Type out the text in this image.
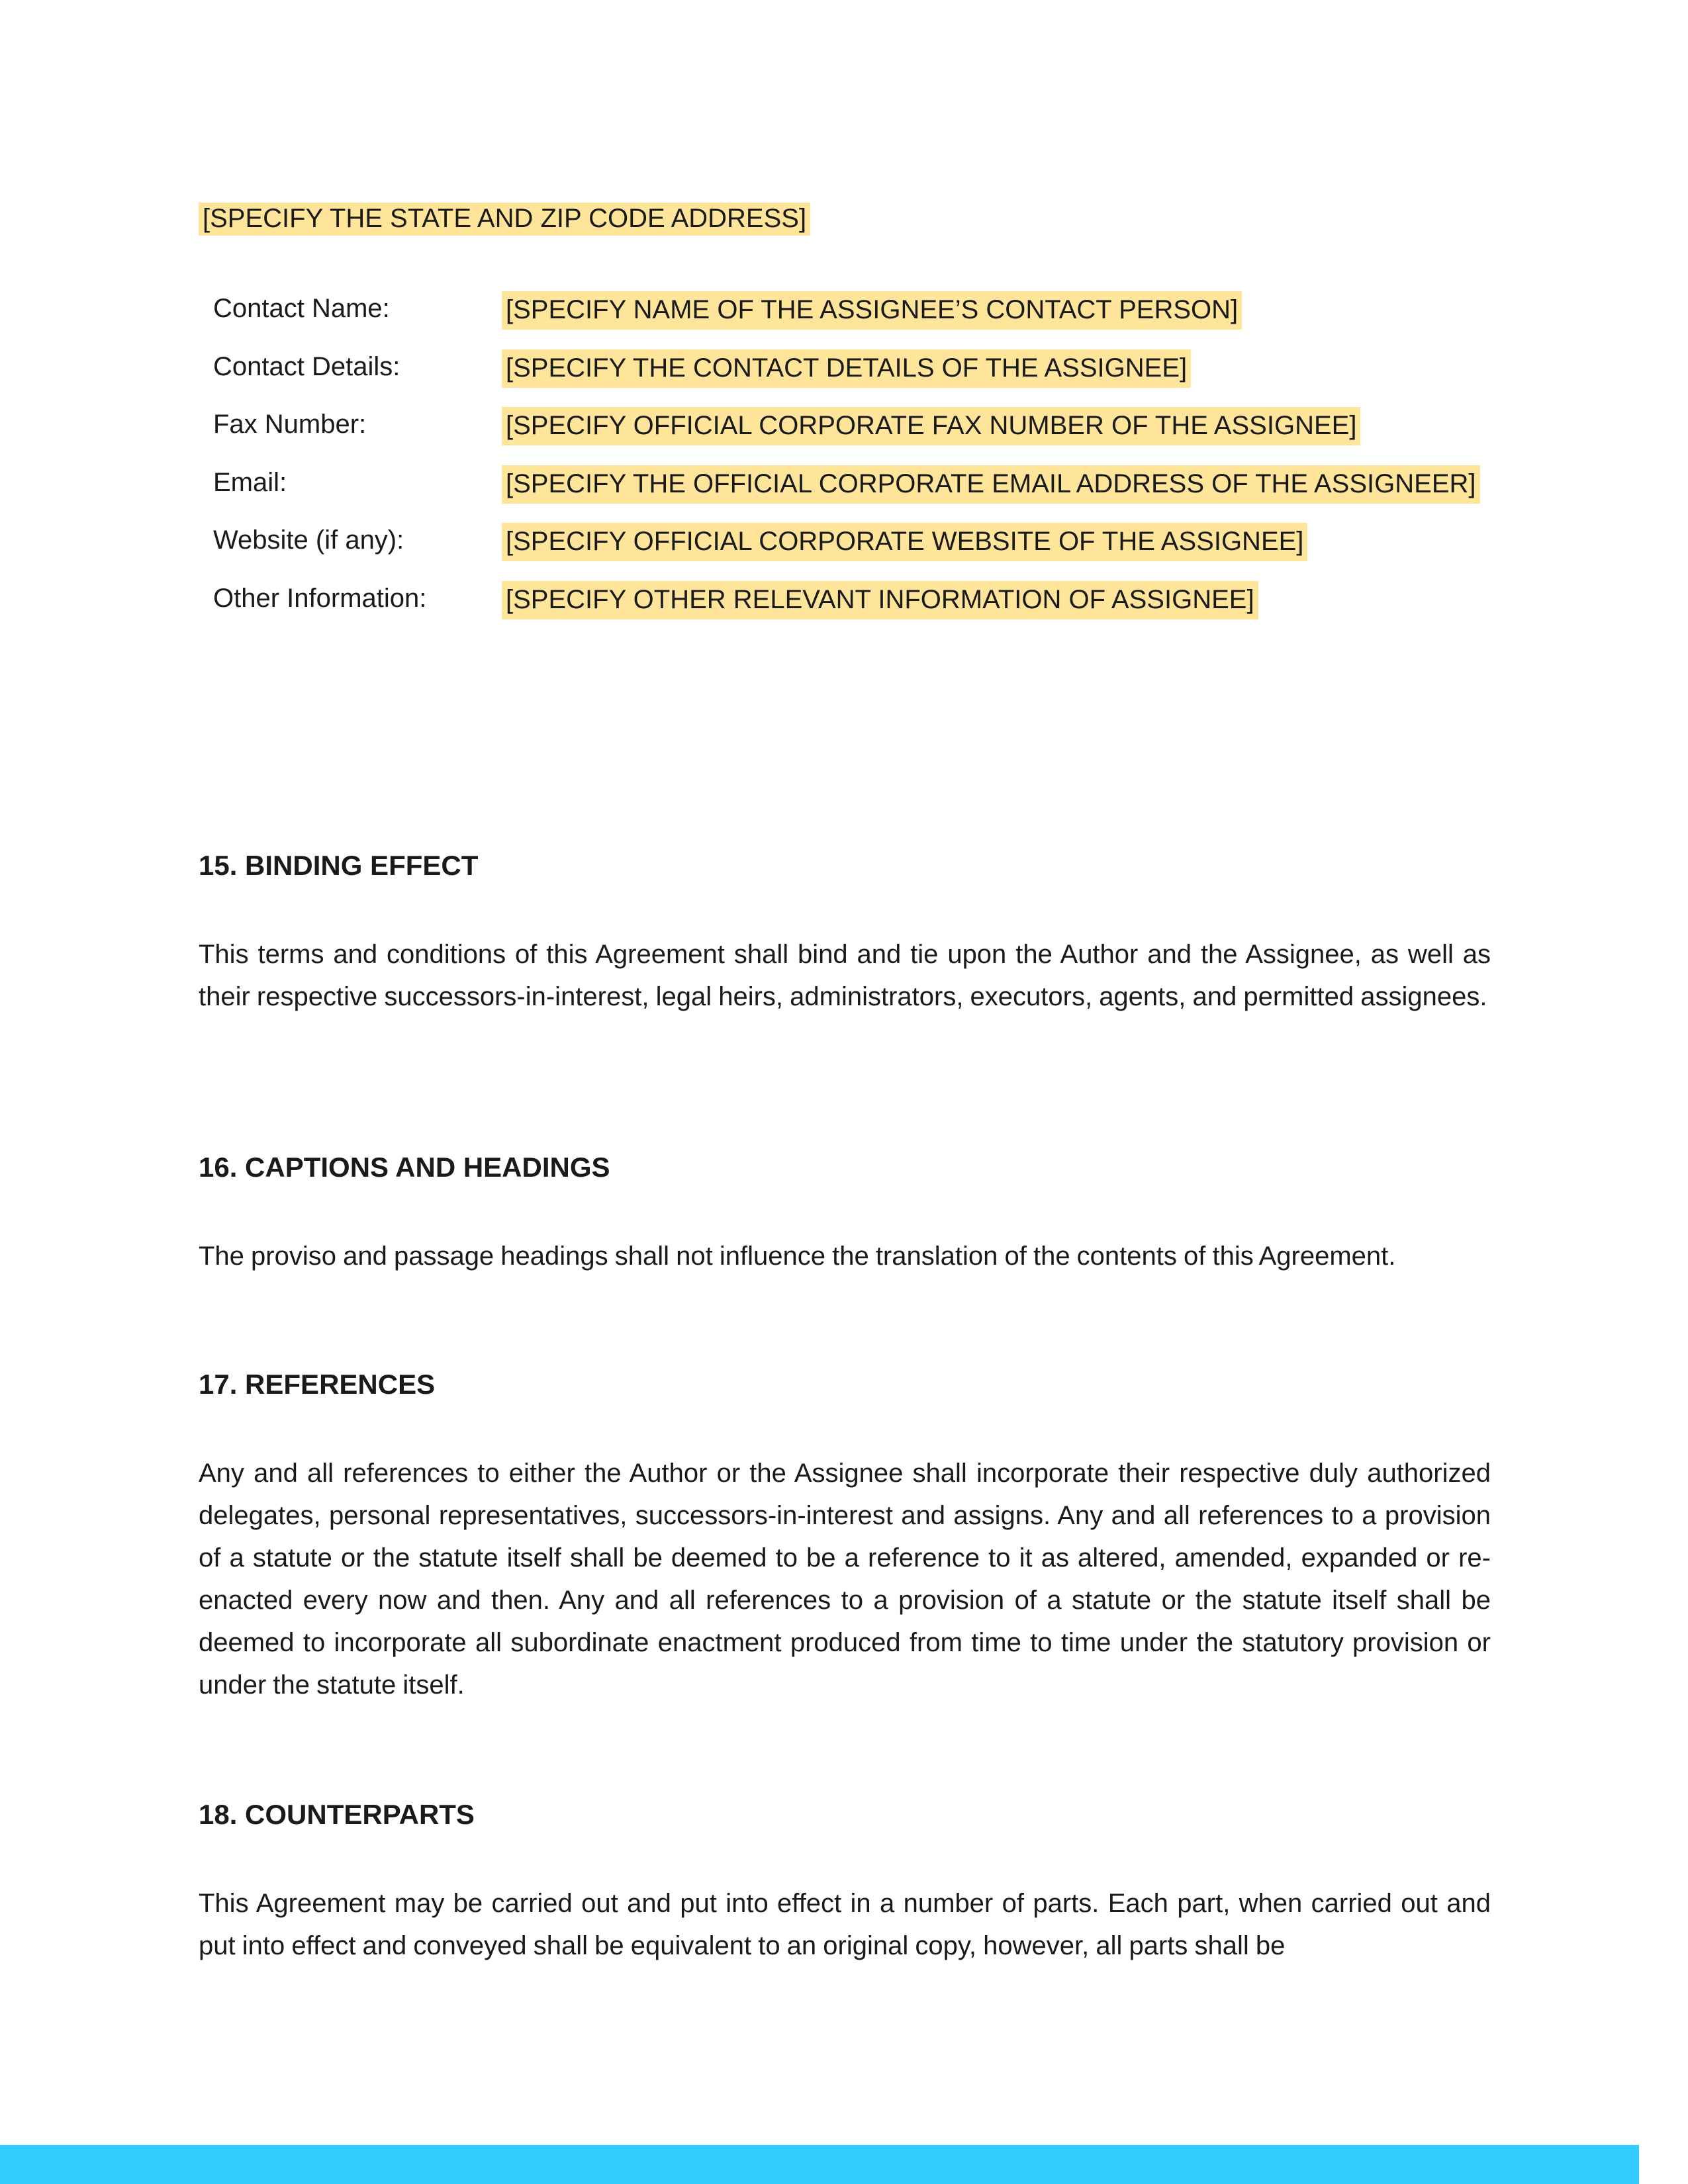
[SPECIFY THE STATE AND ZIP CODE ADDRESS]
Contact Name:	[SPECIFY NAME OF THE ASSIGNEE’S CONTACT PERSON]
Contact Details:	[SPECIFY THE CONTACT DETAILS OF THE ASSIGNEE]
Fax Number:	[SPECIFY OFFICIAL CORPORATE FAX NUMBER OF THE ASSIGNEE]
Email:	[SPECIFY THE OFFICIAL CORPORATE EMAIL ADDRESS OF THE ASSIGNEER]
Website (if any):	[SPECIFY OFFICIAL CORPORATE WEBSITE OF THE ASSIGNEE]
Other Information:	[SPECIFY OTHER RELEVANT INFORMATION OF ASSIGNEE]
15. BINDING EFFECT
This terms and conditions of this Agreement shall bind and tie upon the Author and the Assignee, as well as their respective successors-in-interest, legal heirs, administrators, executors, agents, and permitted assignees.
16. CAPTIONS AND HEADINGS
The proviso and passage headings shall not influence the translation of the contents of this Agreement.
17. REFERENCES
Any and all references to either the Author or the Assignee shall incorporate their respective duly authorized delegates, personal representatives, successors-in-interest and assigns. Any and all references to a provision of a statute or the statute itself shall be deemed to be a reference to it as altered, amended, expanded or re-enacted every now and then. Any and all references to a provision of a statute or the statute itself shall be deemed to incorporate all subordinate enactment produced from time to time under the statutory provision or under the statute itself.
18. COUNTERPARTS
This Agreement may be carried out and put into effect in a number of parts. Each part, when carried out and put into effect and conveyed shall be equivalent to an original copy, however, all parts shall be
